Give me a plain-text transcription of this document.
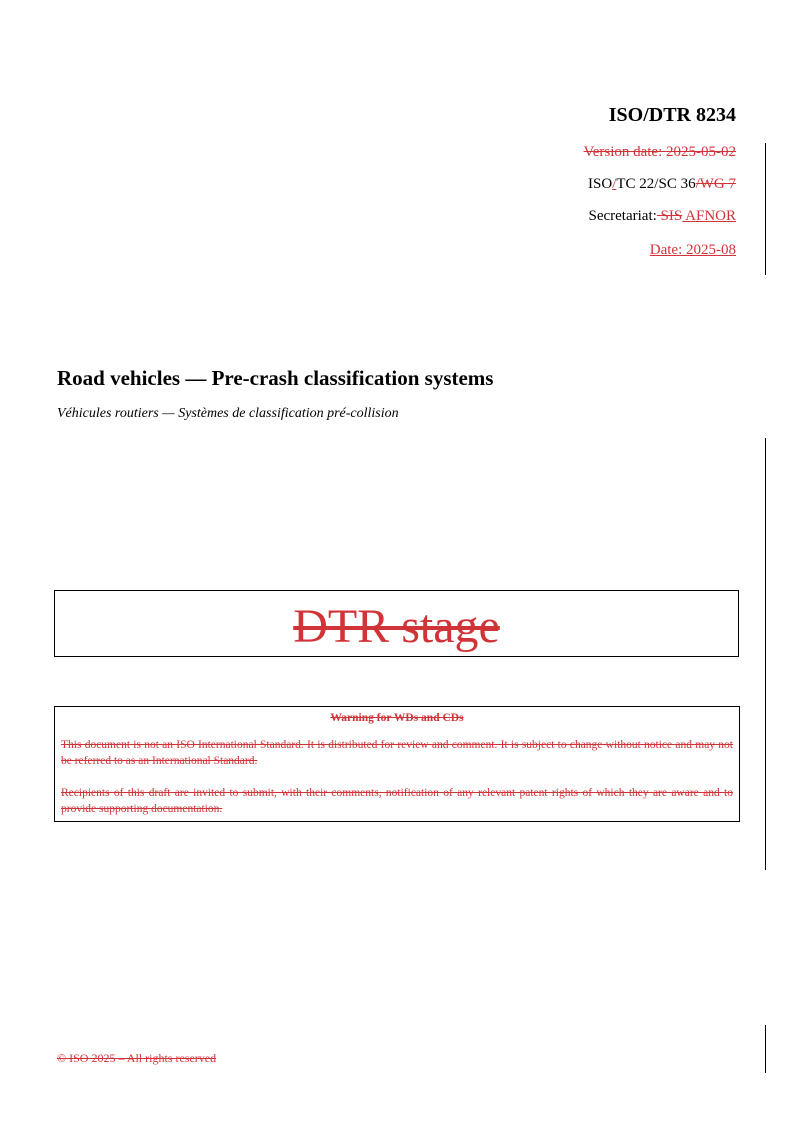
ISO/DTR 8234
Version date: 2025-05-02
ISO/TC 22/SC 36/WG 7
Secretariat: SIS AFNOR
Date: 2025-08
Road vehicles — Pre-crash classification systems
Véhicules routiers — Systèmes de classification pré-collision
DTR stage
Warning for WDs and CDs

This document is not an ISO International Standard. It is distributed for review and comment. It is subject to change without notice and may not be referred to as an International Standard.

Recipients of this draft are invited to submit, with their comments, notification of any relevant patent rights of which they are aware and to provide supporting documentation.

© ISO 2025 – All rights reserved
